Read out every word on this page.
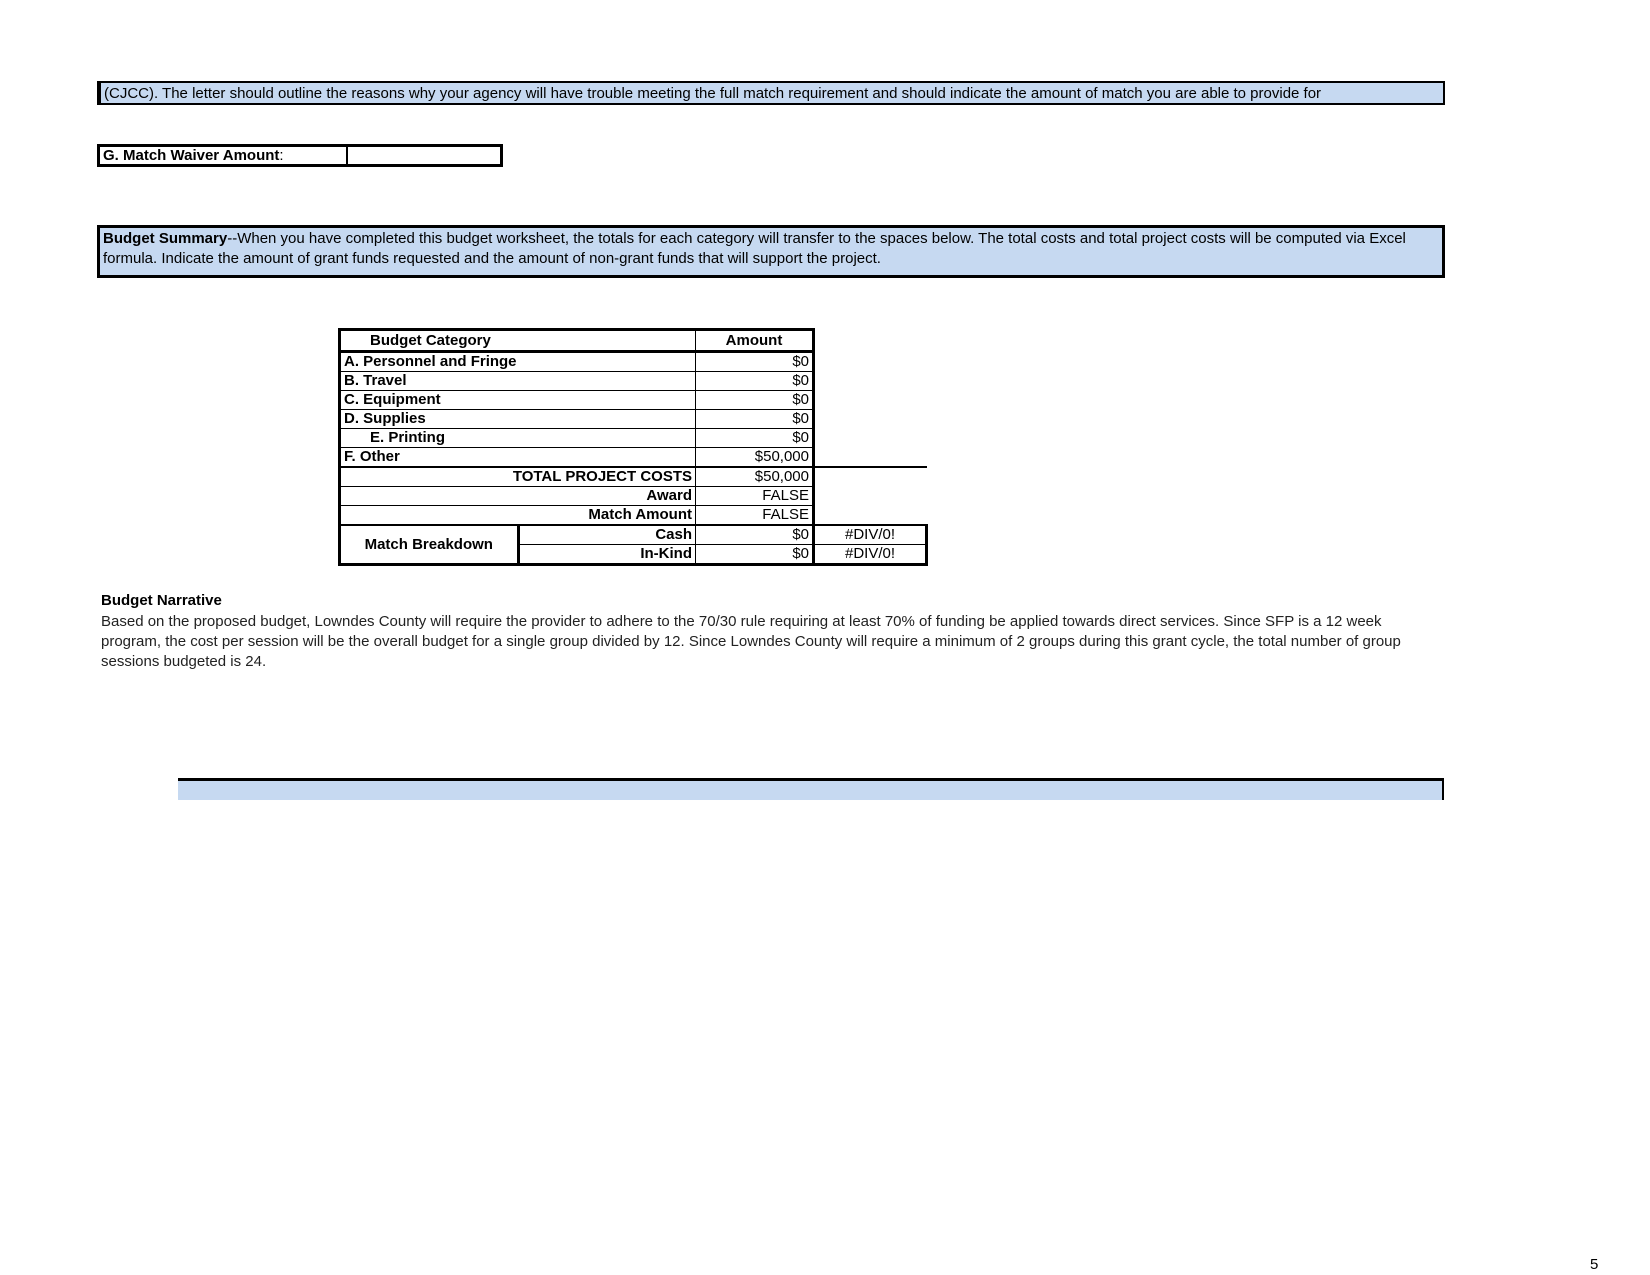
(CJCC). The letter should outline the reasons why your agency will have trouble meeting the full match requirement and should indicate the amount of match you are able to provide for
G. Match Waiver Amount:
Budget Summary--When you have completed this budget worksheet, the totals for each category will transfer to the spaces below. The total costs and total project costs will be computed via Excel formula. Indicate the amount of grant funds requested and the amount of non-grant funds that will support the project.
Budget Category		Amount	
A. Personnel and Fringe		$0	
B. Travel		$0	
C. Equipment		$0	
D. Supplies		$0	
E. Printing		$0	
F. Other		$50,000	
TOTAL PROJECT COSTS		$50,000	
Award		FALSE	
Match Amount		FALSE	
Match Breakdown	Cash	$0	#DIV/0!
	In-Kind	$0	#DIV/0!
Budget Narrative
Based on the proposed budget, Lowndes County will require the provider to adhere to the 70/30 rule requiring at least 70% of funding be applied towards direct services. Since SFP is a 12 week program, the cost per session will be the overall budget for a single group divided by 12. Since Lowndes County will require a minimum of 2 groups during this grant cycle, the total number of group sessions budgeted is 24.
5
